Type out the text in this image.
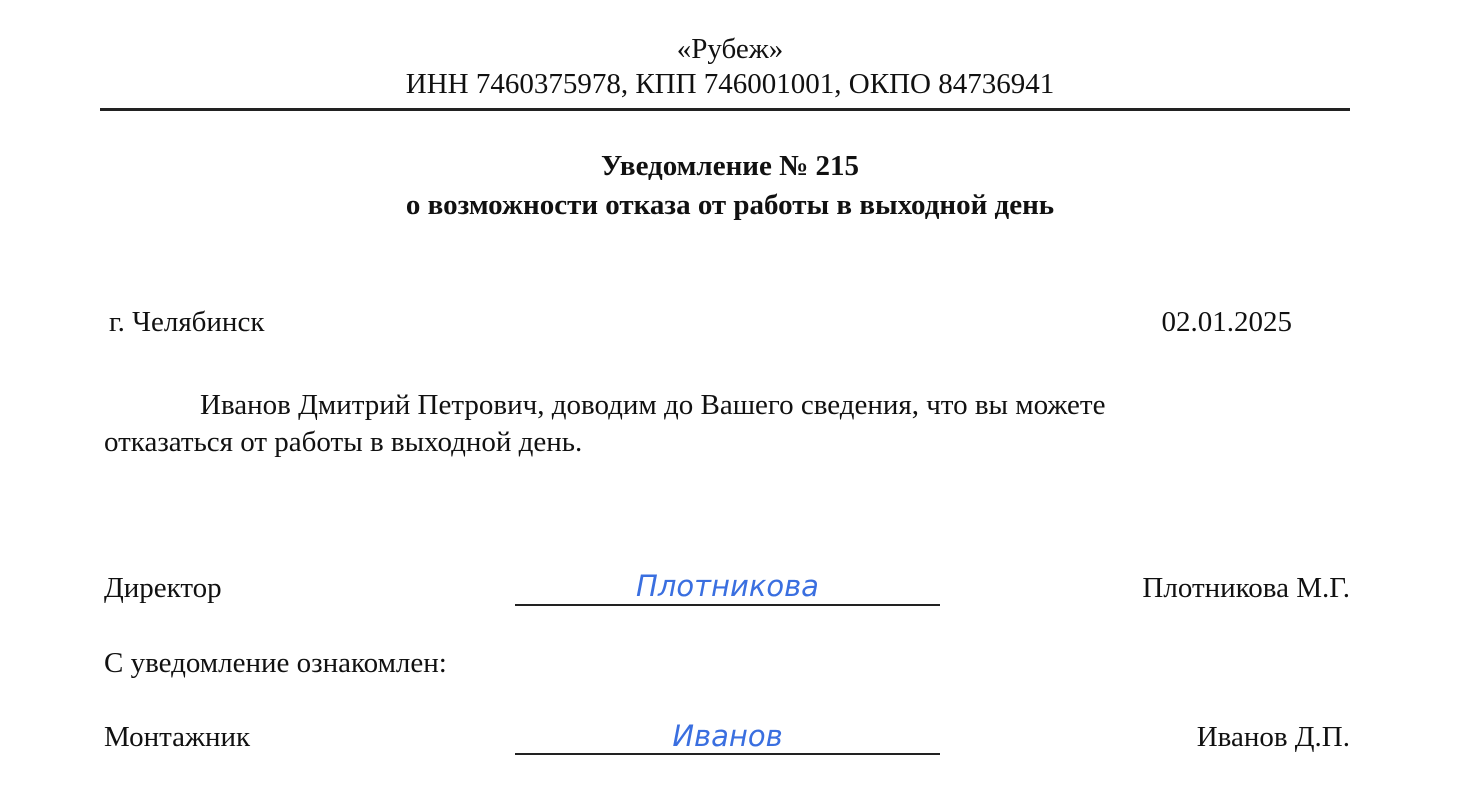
«Рубеж»
ИНН 7460375978, КПП 746001001, ОКПО 84736941
Уведомление № 215
о возможности отказа от работы в выходной день
г. Челябинск	02.01.2025
Иванов Дмитрий Петрович, доводим до Вашего сведения, что вы можете
отказаться от работы в выходной день.
Директор	Плотникова	Плотникова М.Г.
С уведомление ознакомлен:
Монтажник	Иванов	Иванов Д.П.
